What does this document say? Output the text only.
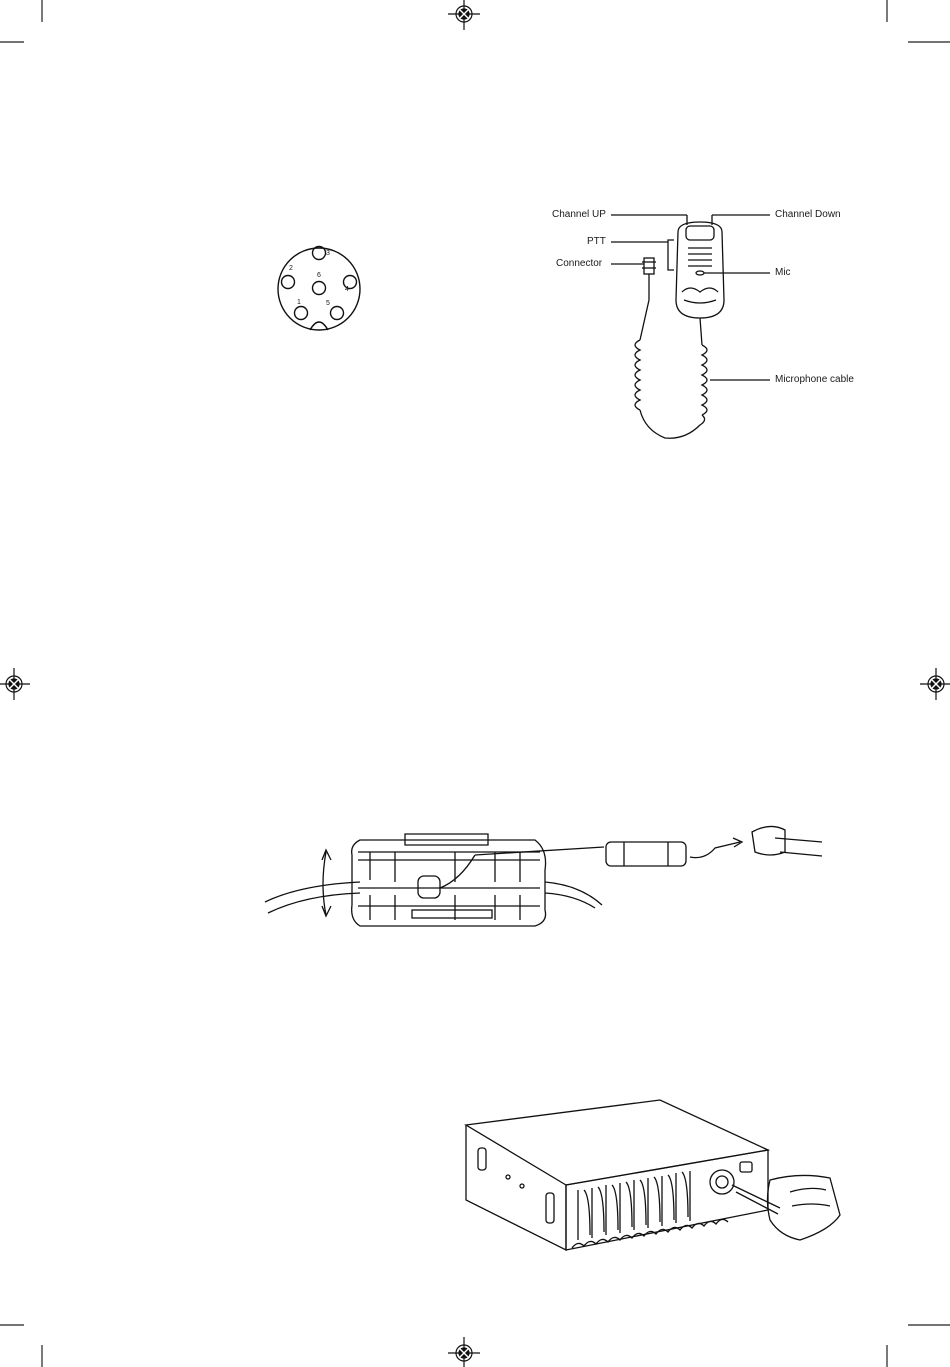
1
2
3
4
5
6
Channel UP	Channel Down
PTT
Connector
Mic
Microphone cable
